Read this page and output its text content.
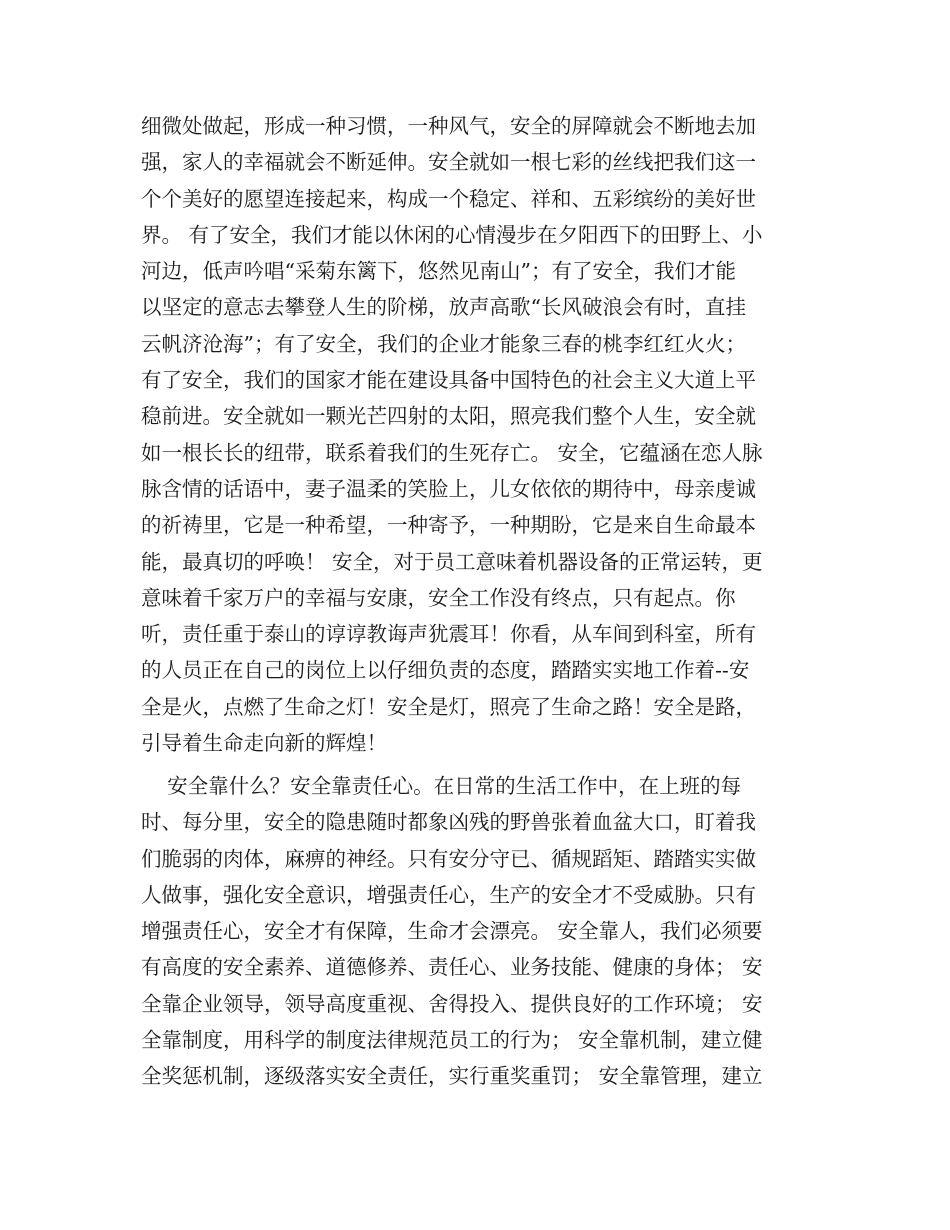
细微处做起，形成一种习惯，一种风气，安全的屏障就会不断地去加
强，家人的幸福就会不断延伸。安全就如一根七彩的丝线把我们这一
个个美好的愿望连接起来，构成一个稳定、祥和、五彩缤纷的美好世
界。 有了安全，我们才能以休闲的心情漫步在夕阳西下的田野上、小
河边，低声吟唱“采菊东篱下，悠然见南山”；有了安全，我们才能
以坚定的意志去攀登人生的阶梯，放声高歌“长风破浪会有时，直挂
云帆济沧海”；有了安全，我们的企业才能象三春的桃李红红火火；
有了安全，我们的国家才能在建设具备中国特色的社会主义大道上平
稳前进。安全就如一颗光芒四射的太阳，照亮我们整个人生，安全就
如一根长长的纽带，联系着我们的生死存亡。 安全，它蕴涵在恋人脉
脉含情的话语中，妻子温柔的笑脸上，儿女依依的期待中，母亲虔诚
的祈祷里，它是一种希望，一种寄予，一种期盼，它是来自生命最本
能，最真切的呼唤！ 安全，对于员工意味着机器设备的正常运转，更
意味着千家万户的幸福与安康，安全工作没有终点，只有起点。你
听，责任重于泰山的谆谆教诲声犹震耳！你看，从车间到科室，所有
的人员正在自己的岗位上以仔细负责的态度，踏踏实实地工作着--安
全是火，点燃了生命之灯！安全是灯，照亮了生命之路！安全是路，
引导着生命走向新的辉煌！
安全靠什么？安全靠责任心。在日常的生活工作中，在上班的每
时、每分里，安全的隐患随时都象凶残的野兽张着血盆大口，盯着我
们脆弱的肉体，麻痹的神经。只有安分守已、循规蹈矩、踏踏实实做
人做事，强化安全意识，增强责任心，生产的安全才不受威胁。只有
增强责任心，安全才有保障，生命才会漂亮。 安全靠人，我们必须要
有高度的安全素养、道德修养、责任心、业务技能、健康的身体； 安
全靠企业领导，领导高度重视、舍得投入、提供良好的工作环境； 安
全靠制度，用科学的制度法律规范员工的行为； 安全靠机制，建立健
全奖惩机制，逐级落实安全责任，实行重奖重罚； 安全靠管理，建立
